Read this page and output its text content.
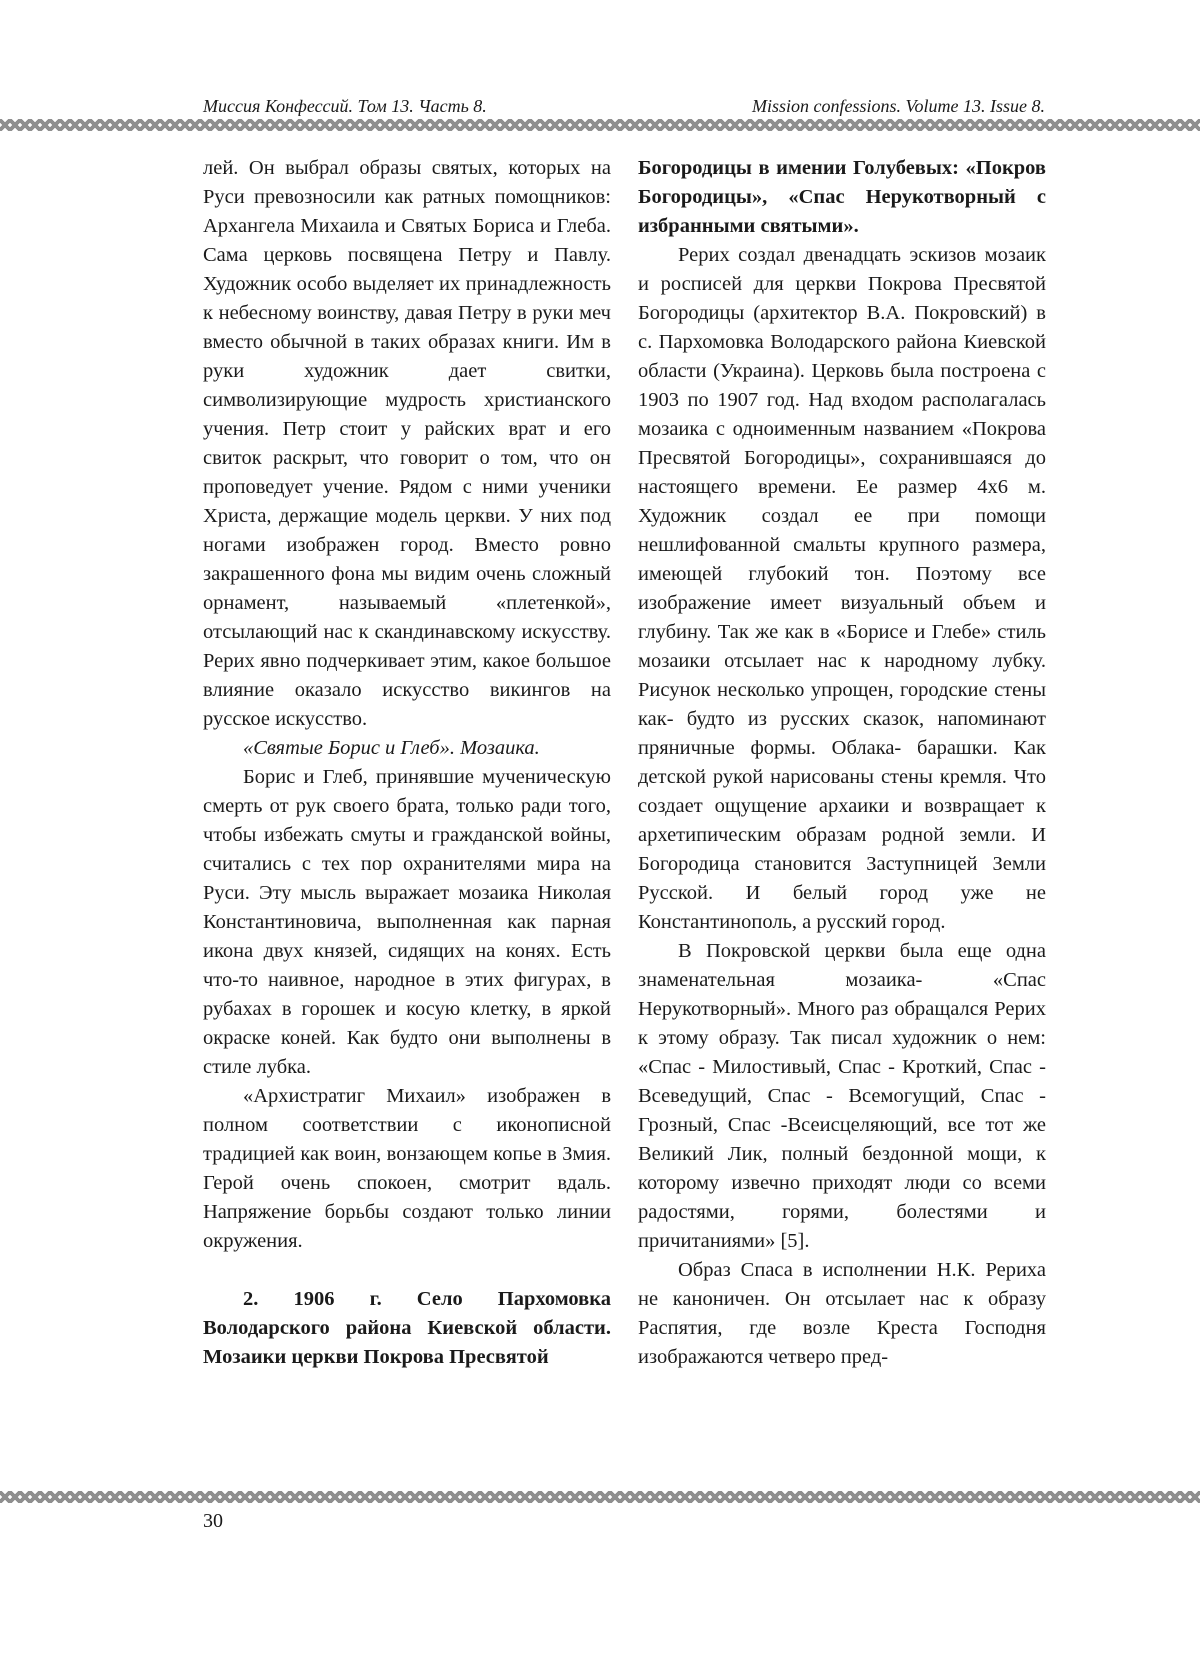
Миссия Конфессий. Том 13. Часть 8.	Mission confessions. Volume 13. Issue 8.

лей. Он выбрал образы святых, которых на Руси превозносили как ратных помощников: Архангела Михаила и Святых Бориса и Глеба. Сама церковь посвящена Петру и Павлу. Художник особо выделяет их принадлежность к небесному воинству, давая Петру в руки меч вместо обычной в таких образах книги. Им в руки художник дает свитки, символизирующие мудрость христианского учения. Петр стоит у райских врат и его свиток раскрыт, что говорит о том, что он проповедует учение. Рядом с ними ученики Христа, держащие модель церкви. У них под ногами изображен город. Вместо ровно закрашенного фона мы видим очень сложный орнамент, называемый «плетенкой», отсылающий нас к скандинавскому искусству. Рерих явно подчеркивает этим, какое большое влияние оказало искусство викингов на русское искусство.

«Святые Борис и Глеб». Мозаика.

Борис и Глеб, принявшие мученическую смерть от рук своего брата, только ради того, чтобы избежать смуты и гражданской войны, считались с тех пор охранителями мира на Руси. Эту мысль выражает мозаика Николая Константиновича, выполненная как парная икона двух князей, сидящих на конях. Есть что-то наивное, народное в этих фигурах, в рубахах в горошек и косую клетку, в яркой окраске коней. Как будто они выполнены в стиле лубка.

«Архистратиг Михаил» изображен в полном соответствии с иконописной традицией как воин, вонзающем копье в Змия. Герой очень спокоен, смотрит вдаль. Напряжение борьбы создают только линии окружения.

2. 1906 г. Село Пархомовка Володарского района Киевской области. Мозаики церкви Покрова Пресвятой

Богородицы в имении Голубевых: «Покров Богородицы», «Спас Нерукотворный с избранными святыми».

Рерих создал двенадцать эскизов мозаик и росписей для церкви Покрова Пресвятой Богородицы (архитектор В.А. Покровский) в с. Пархомовка Володарского района Киевской области (Украина). Церковь была построена с 1903 по 1907 год. Над входом располагалась мозаика с одноименным названием «Покрова Пресвятой Богородицы», сохранившаяся до настоящего времени. Ее размер 4х6 м. Художник создал ее при помощи нешлифованной смальты крупного размера, имеющей глубокий тон. Поэтому все изображение имеет визуальный объем и глубину. Так же как в «Борисе и Глебе» стиль мозаики отсылает нас к народному лубку. Рисунок несколько упрощен, городские стены как- будто из русских сказок, напоминают пряничные формы. Облака- барашки. Как детской рукой нарисованы стены кремля. Что создает ощущение архаики и возвращает к архетипическим образам родной земли. И Богородица становится Заступницей Земли Русской. И белый город уже не Константинополь, а русский город.

В Покровской церкви была еще одна знаменательная мозаика- «Спас Нерукотворный». Много раз обращался Рерих к этому образу. Так писал художник о нем: «Спас - Милостивый, Спас - Кроткий, Спас - Всеведущий, Спас - Всемогущий, Спас - Грозный, Спас -Всеисцеляющий, все тот же Великий Лик, полный бездонной мощи, к которому извечно приходят люди со всеми радостями, горями, болестями и причитаниями» [5].

Образ Спаса в исполнении Н.К. Рериха не каноничен. Он отсылает нас к образу Распятия, где возле Креста Господня изображаются четверо пред-

30
